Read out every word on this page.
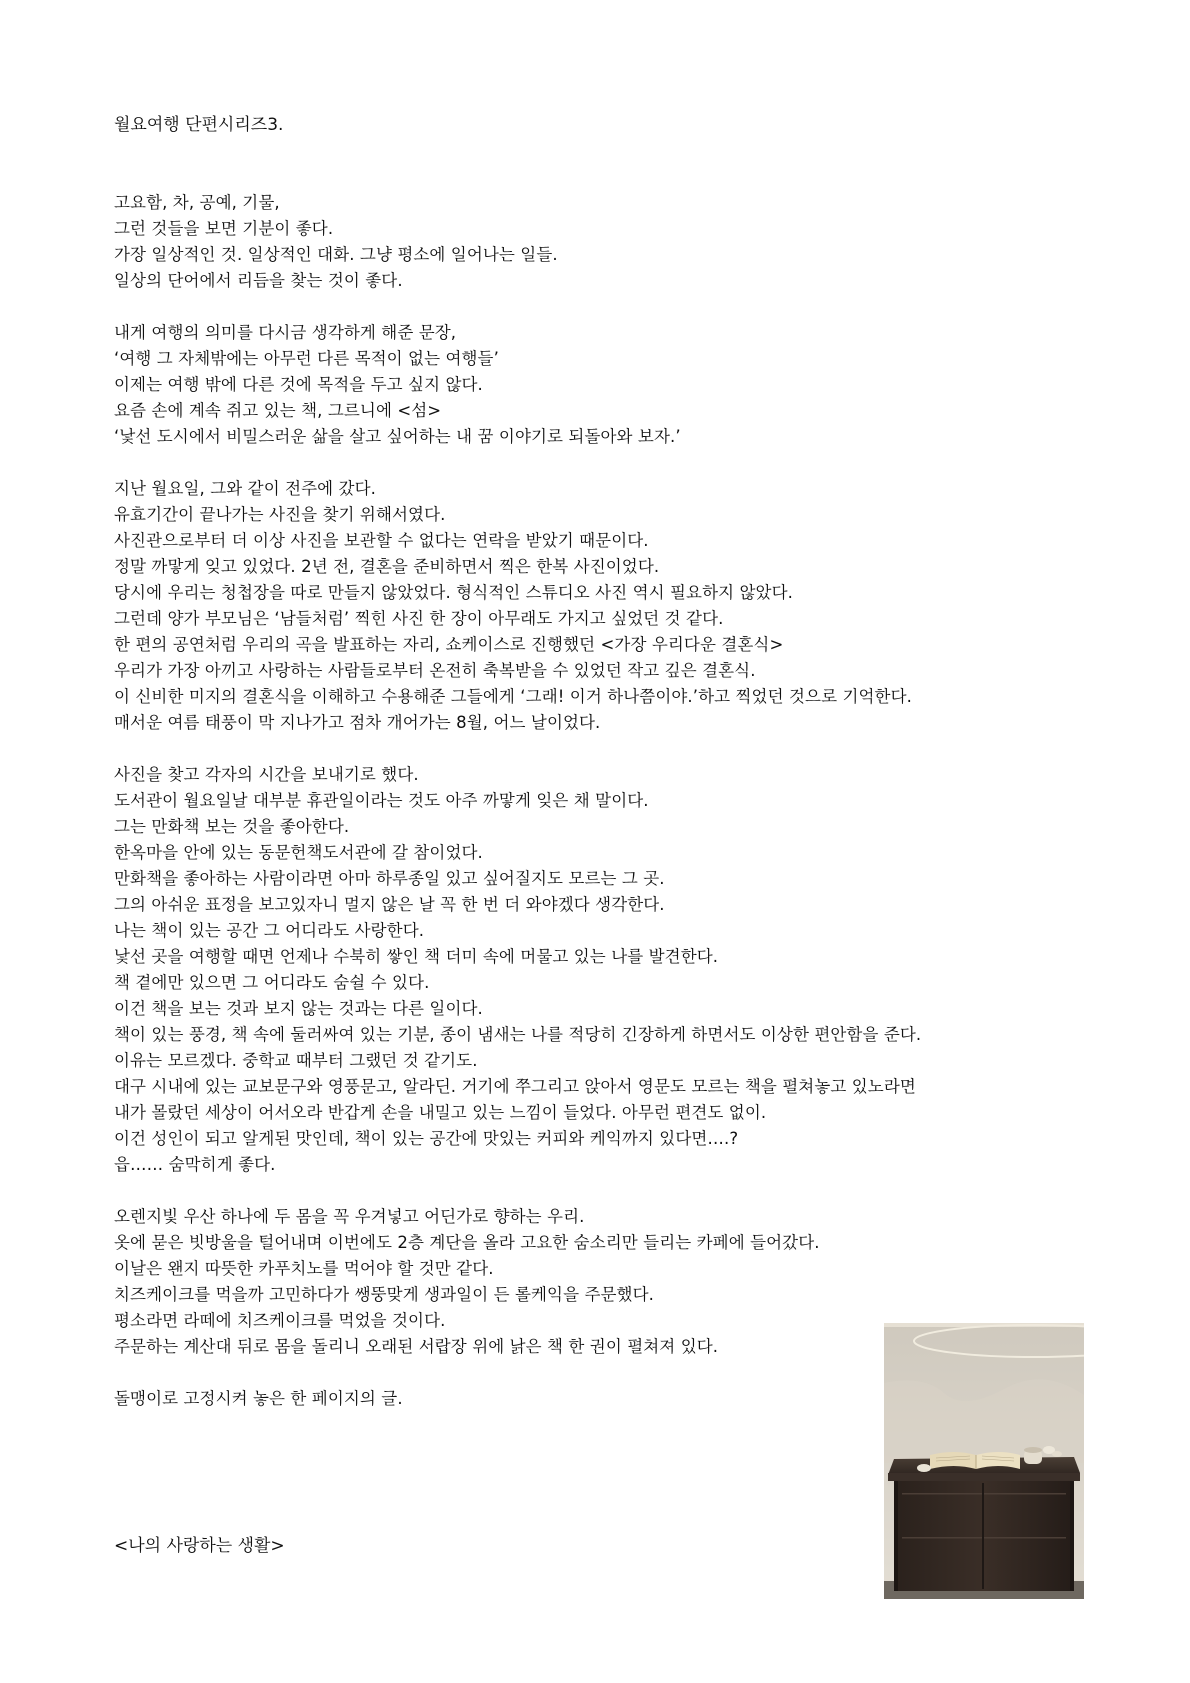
월요여행 단편시리즈3.

고요함, 차, 공예, 기물,
그런 것들을 보면 기분이 좋다.
가장 일상적인 것. 일상적인 대화. 그냥 평소에 일어나는 일들.
일상의 단어에서 리듬을 찾는 것이 좋다.
내게 여행의 의미를 다시금 생각하게 해준 문장,
‘여행 그 자체밖에는 아무런 다른 목적이 없는 여행들’
이제는 여행 밖에 다른 것에 목적을 두고 싶지 않다.
요즘 손에 계속 쥐고 있는 책, 그르니에 <섬>
‘낯선 도시에서 비밀스러운 삶을 살고 싶어하는 내 꿈 이야기로 되돌아와 보자.’
지난 월요일, 그와 같이 전주에 갔다.
유효기간이 끝나가는 사진을 찾기 위해서였다.
사진관으로부터 더 이상 사진을 보관할 수 없다는 연락을 받았기 때문이다.
정말 까맣게 잊고 있었다. 2년 전, 결혼을 준비하면서 찍은 한복 사진이었다.
당시에 우리는 청첩장을 따로 만들지 않았었다. 형식적인 스튜디오 사진 역시 필요하지 않았다.
그런데 양가 부모님은 ‘남들처럼’ 찍힌 사진 한 장이 아무래도 가지고 싶었던 것 같다.
한 편의 공연처럼 우리의 곡을 발표하는 자리, 쇼케이스로 진행했던 <가장 우리다운 결혼식>
우리가 가장 아끼고 사랑하는 사람들로부터 온전히 축복받을 수 있었던 작고 깊은 결혼식.
이 신비한 미지의 결혼식을 이해하고 수용해준 그들에게 ‘그래! 이거 하나쯤이야.’하고 찍었던 것으로 기억한다.
매서운 여름 태풍이 막 지나가고 점차 개어가는 8월, 어느 날이었다.
사진을 찾고 각자의 시간을 보내기로 했다.
도서관이 월요일날 대부분 휴관일이라는 것도 아주 까맣게 잊은 채 말이다.
그는 만화책 보는 것을 좋아한다.
한옥마을 안에 있는 동문헌책도서관에 갈 참이었다.
만화책을 좋아하는 사람이라면 아마 하루종일 있고 싶어질지도 모르는 그 곳.
그의 아쉬운 표정을 보고있자니 멀지 않은 날 꼭 한 번 더 와야겠다 생각한다.
나는 책이 있는 공간 그 어디라도 사랑한다.
낯선 곳을 여행할 때면 언제나 수북히 쌓인 책 더미 속에 머물고 있는 나를 발견한다.
책 곁에만 있으면 그 어디라도 숨쉴 수 있다.
이건 책을 보는 것과 보지 않는 것과는 다른 일이다.
책이 있는 풍경, 책 속에 둘러싸여 있는 기분, 종이 냄새는 나를 적당히 긴장하게 하면서도 이상한 편안함을 준다.
이유는 모르겠다. 중학교 때부터 그랬던 것 같기도.
대구 시내에 있는 교보문구와 영풍문고, 알라딘. 거기에 쭈그리고 앉아서 영문도 모르는 책을 펼쳐놓고 있노라면
내가 몰랐던 세상이 어서오라 반갑게 손을 내밀고 있는 느낌이 들었다. 아무런 편견도 없이.
이건 성인이 되고 알게된 맛인데, 책이 있는 공간에 맛있는 커피와 케익까지 있다면….?
읍…… 숨막히게 좋다.
오렌지빛 우산 하나에 두 몸을 꼭 우겨넣고 어딘가로 향하는 우리.
옷에 묻은 빗방울을 털어내며 이번에도 2층 계단을 올라 고요한 숨소리만 들리는 카페에 들어갔다.
이날은 왠지 따뜻한 카푸치노를 먹어야 할 것만 같다.
치즈케이크를 먹을까 고민하다가 쌩뚱맞게 생과일이 든 롤케익을 주문했다.
평소라면 라떼에 치즈케이크를 먹었을 것이다.
주문하는 계산대 뒤로 몸을 돌리니 오래된 서랍장 위에 낡은 책 한 권이 펼쳐져 있다.
돌맹이로 고정시켜 놓은 한 페이지의 글.

<나의 사랑하는 생활>
